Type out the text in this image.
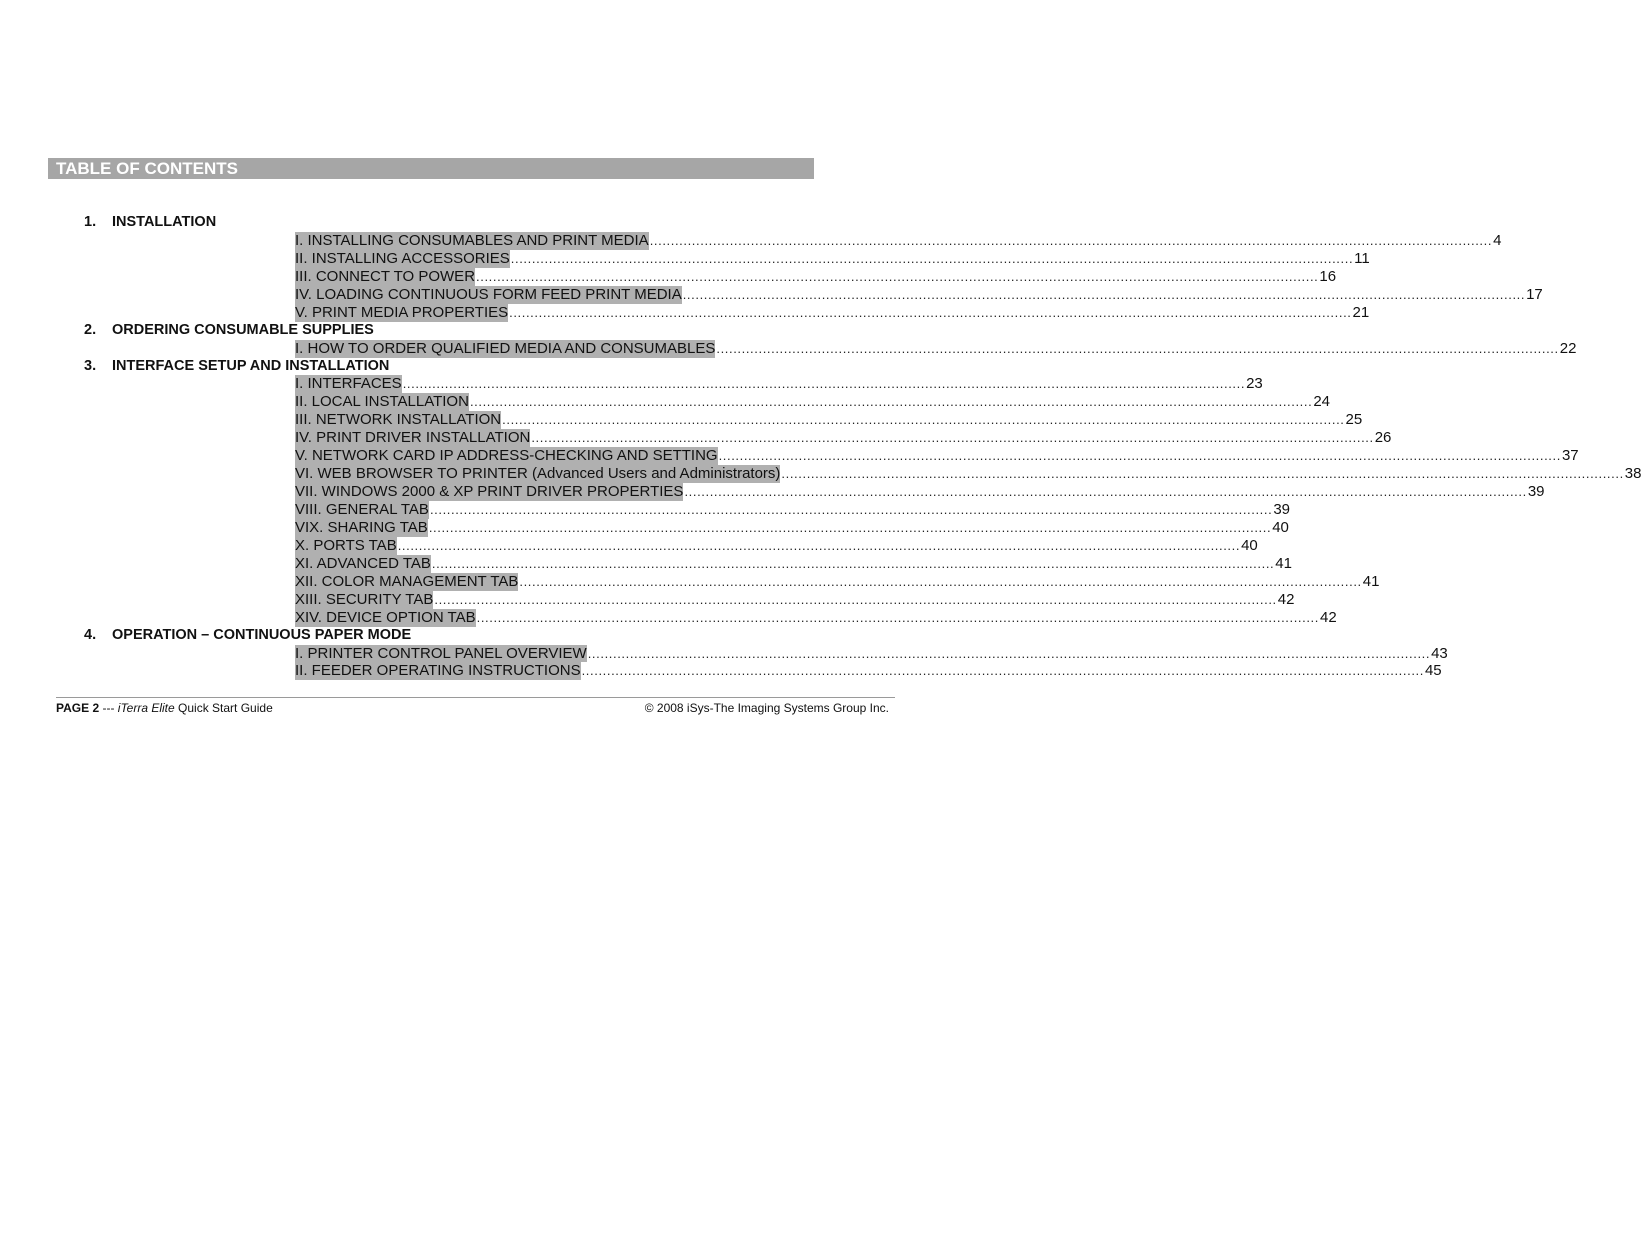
TABLE OF CONTENTS
1. INSTALLATION
I. INSTALLING CONSUMABLES AND PRINT MEDIA ........................................................................................................................................................................................................ 4
II. INSTALLING ACCESSORIES ........................................................................................................................................................................................................ 11
III. CONNECT TO POWER ........................................................................................................................................................................................................ 16
IV. LOADING CONTINUOUS FORM FEED PRINT MEDIA ........................................................................................................................................................................................................ 17
V. PRINT MEDIA PROPERTIES ........................................................................................................................................................................................................ 21
2. ORDERING CONSUMABLE SUPPLIES
I. HOW TO ORDER QUALIFIED MEDIA AND CONSUMABLES ........................................................................................................................................................................................................ 22
3. INTERFACE SETUP AND INSTALLATION
I. INTERFACES ........................................................................................................................................................................................................ 23
II. LOCAL INSTALLATION ........................................................................................................................................................................................................ 24
III. NETWORK INSTALLATION ........................................................................................................................................................................................................ 25
IV. PRINT DRIVER INSTALLATION ........................................................................................................................................................................................................ 26
V. NETWORK CARD IP ADDRESS-CHECKING AND SETTING ........................................................................................................................................................................................................ 37
VI. WEB BROWSER TO PRINTER (Advanced Users and Administrators) ........................................................................................................................................................................................................ 38
VII. WINDOWS 2000 & XP PRINT DRIVER PROPERTIES ........................................................................................................................................................................................................ 39
VIII. GENERAL TAB ........................................................................................................................................................................................................ 39
VIX. SHARING TAB ........................................................................................................................................................................................................ 40
X. PORTS TAB ........................................................................................................................................................................................................ 40
XI. ADVANCED TAB ........................................................................................................................................................................................................ 41
XII. COLOR MANAGEMENT TAB ........................................................................................................................................................................................................ 41
XIII. SECURITY TAB ........................................................................................................................................................................................................ 42
XIV. DEVICE OPTION TAB ........................................................................................................................................................................................................ 42
4. OPERATION – CONTINUOUS PAPER MODE
I. PRINTER CONTROL PANEL OVERVIEW ........................................................................................................................................................................................................ 43
II. FEEDER OPERATING INSTRUCTIONS ........................................................................................................................................................................................................ 45
PAGE 2 --- iTerra Elite Quick Start Guide	© 2008 iSys-The Imaging Systems Group Inc.
